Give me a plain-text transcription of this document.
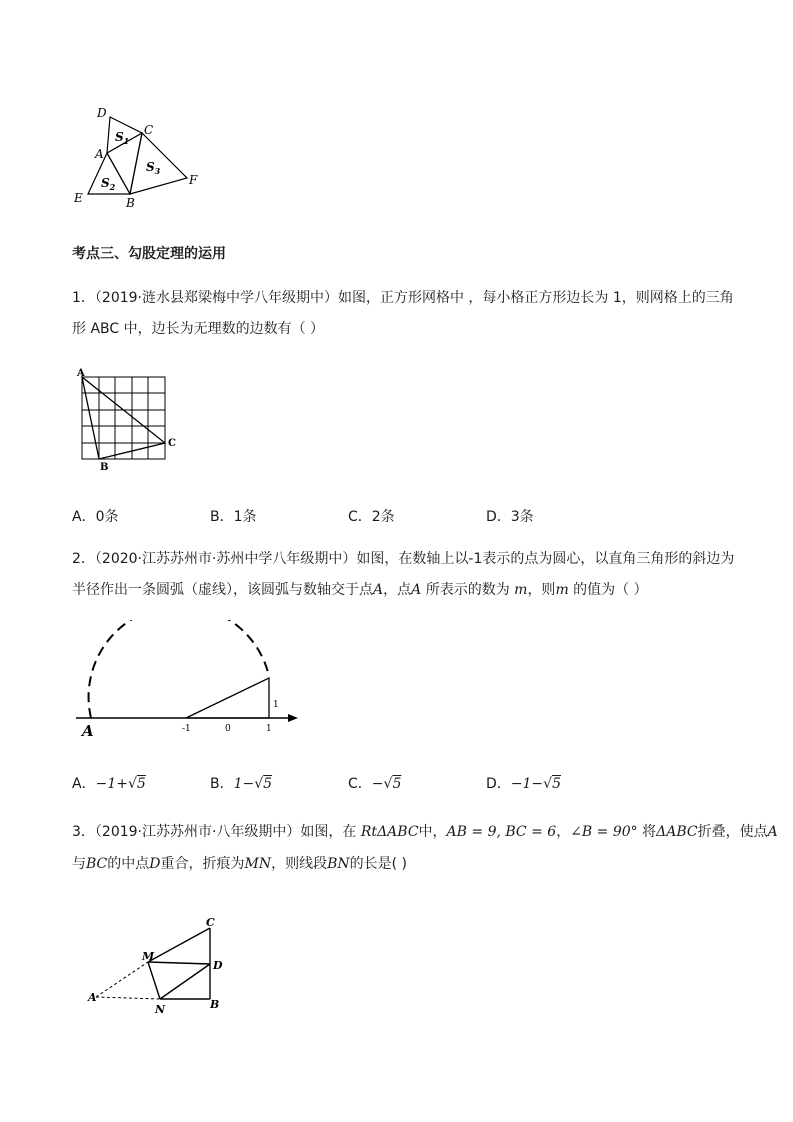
D
C
A
F
E	B
$S_1$
$S_2$
$S_3$
考点三、勾股定理的运用
1．（2019·涟水县郑梁梅中学八年级期中）如图，正方形网格中 ，每小格正方形边长为 1，则网格上的三角
形 ABC 中，边长为无理数的边数有（ ）
A
B
C
A．0条	B．1条	C．2条	D．3条
2．（2020·江苏苏州市·苏州中学八年级期中）如图，在数轴上以-1表示的点为圆心，以直角三角形的斜边为
半径作出一条圆弧（虚线），该圆弧与数轴交于点A，点A 所表示的数为 m，则m 的值为（ ）
A	-1	0	1
1
A．−1+√5	B．1−√5	C．−√5	D．−1−√5
3．（2019·江苏苏州市·八年级期中）如图，在 RtΔABC中，AB = 9, BC = 6，∠B = 90° 将ΔABC折叠，使点A
与BC的中点D重合，折痕为MN，则线段BN的长是( )
C
M
D
A
N	B
